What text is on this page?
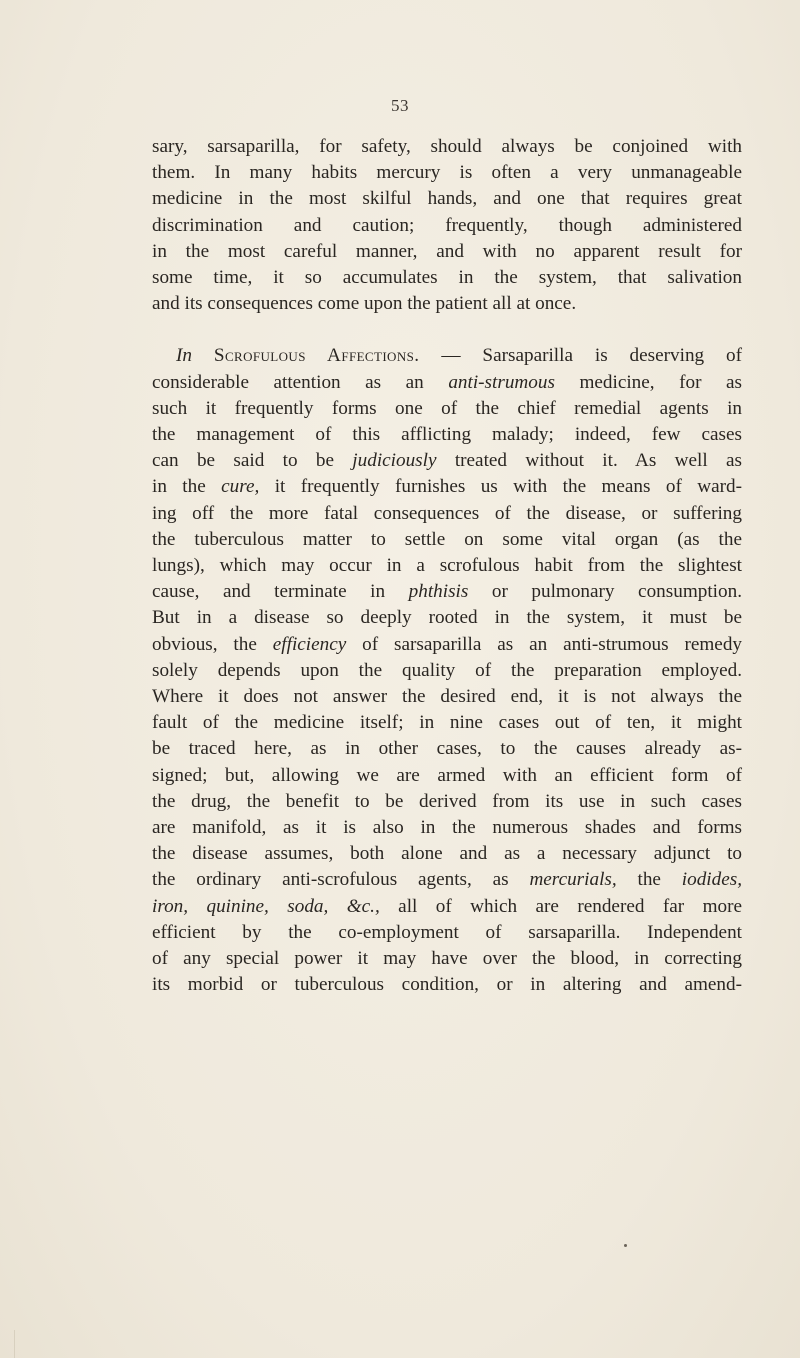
53

sary, sarsaparilla, for safety, should always be conjoined with
them. In many habits mercury is often a very unmanageable
medicine in the most skilful hands, and one that requires great
discrimination and caution; frequently, though administered
in the most careful manner, and with no apparent result for
some time, it so accumulates in the system, that salivation
and its consequences come upon the patient all at once.

In Scrofulous Affections. — Sarsaparilla is deserving of
considerable attention as an anti-strumous medicine, for as
such it frequently forms one of the chief remedial agents in
the management of this afflicting malady; indeed, few cases
can be said to be judiciously treated without it. As well as
in the cure, it frequently furnishes us with the means of ward-
ing off the more fatal consequences of the disease, or suffering
the tuberculous matter to settle on some vital organ (as the
lungs), which may occur in a scrofulous habit from the slightest
cause, and terminate in phthisis or pulmonary consumption.
But in a disease so deeply rooted in the system, it must be
obvious, the efficiency of sarsaparilla as an anti-strumous remedy
solely depends upon the quality of the preparation employed.
Where it does not answer the desired end, it is not always the
fault of the medicine itself; in nine cases out of ten, it might
be traced here, as in other cases, to the causes already as-
signed; but, allowing we are armed with an efficient form of
the drug, the benefit to be derived from its use in such cases
are manifold, as it is also in the numerous shades and forms
the disease assumes, both alone and as a necessary adjunct to
the ordinary anti-scrofulous agents, as mercurials, the iodides,
iron, quinine, soda, &c., all of which are rendered far more
efficient by the co-employment of sarsaparilla. Independent
of any special power it may have over the blood, in correcting
its morbid or tuberculous condition, or in altering and amend-
